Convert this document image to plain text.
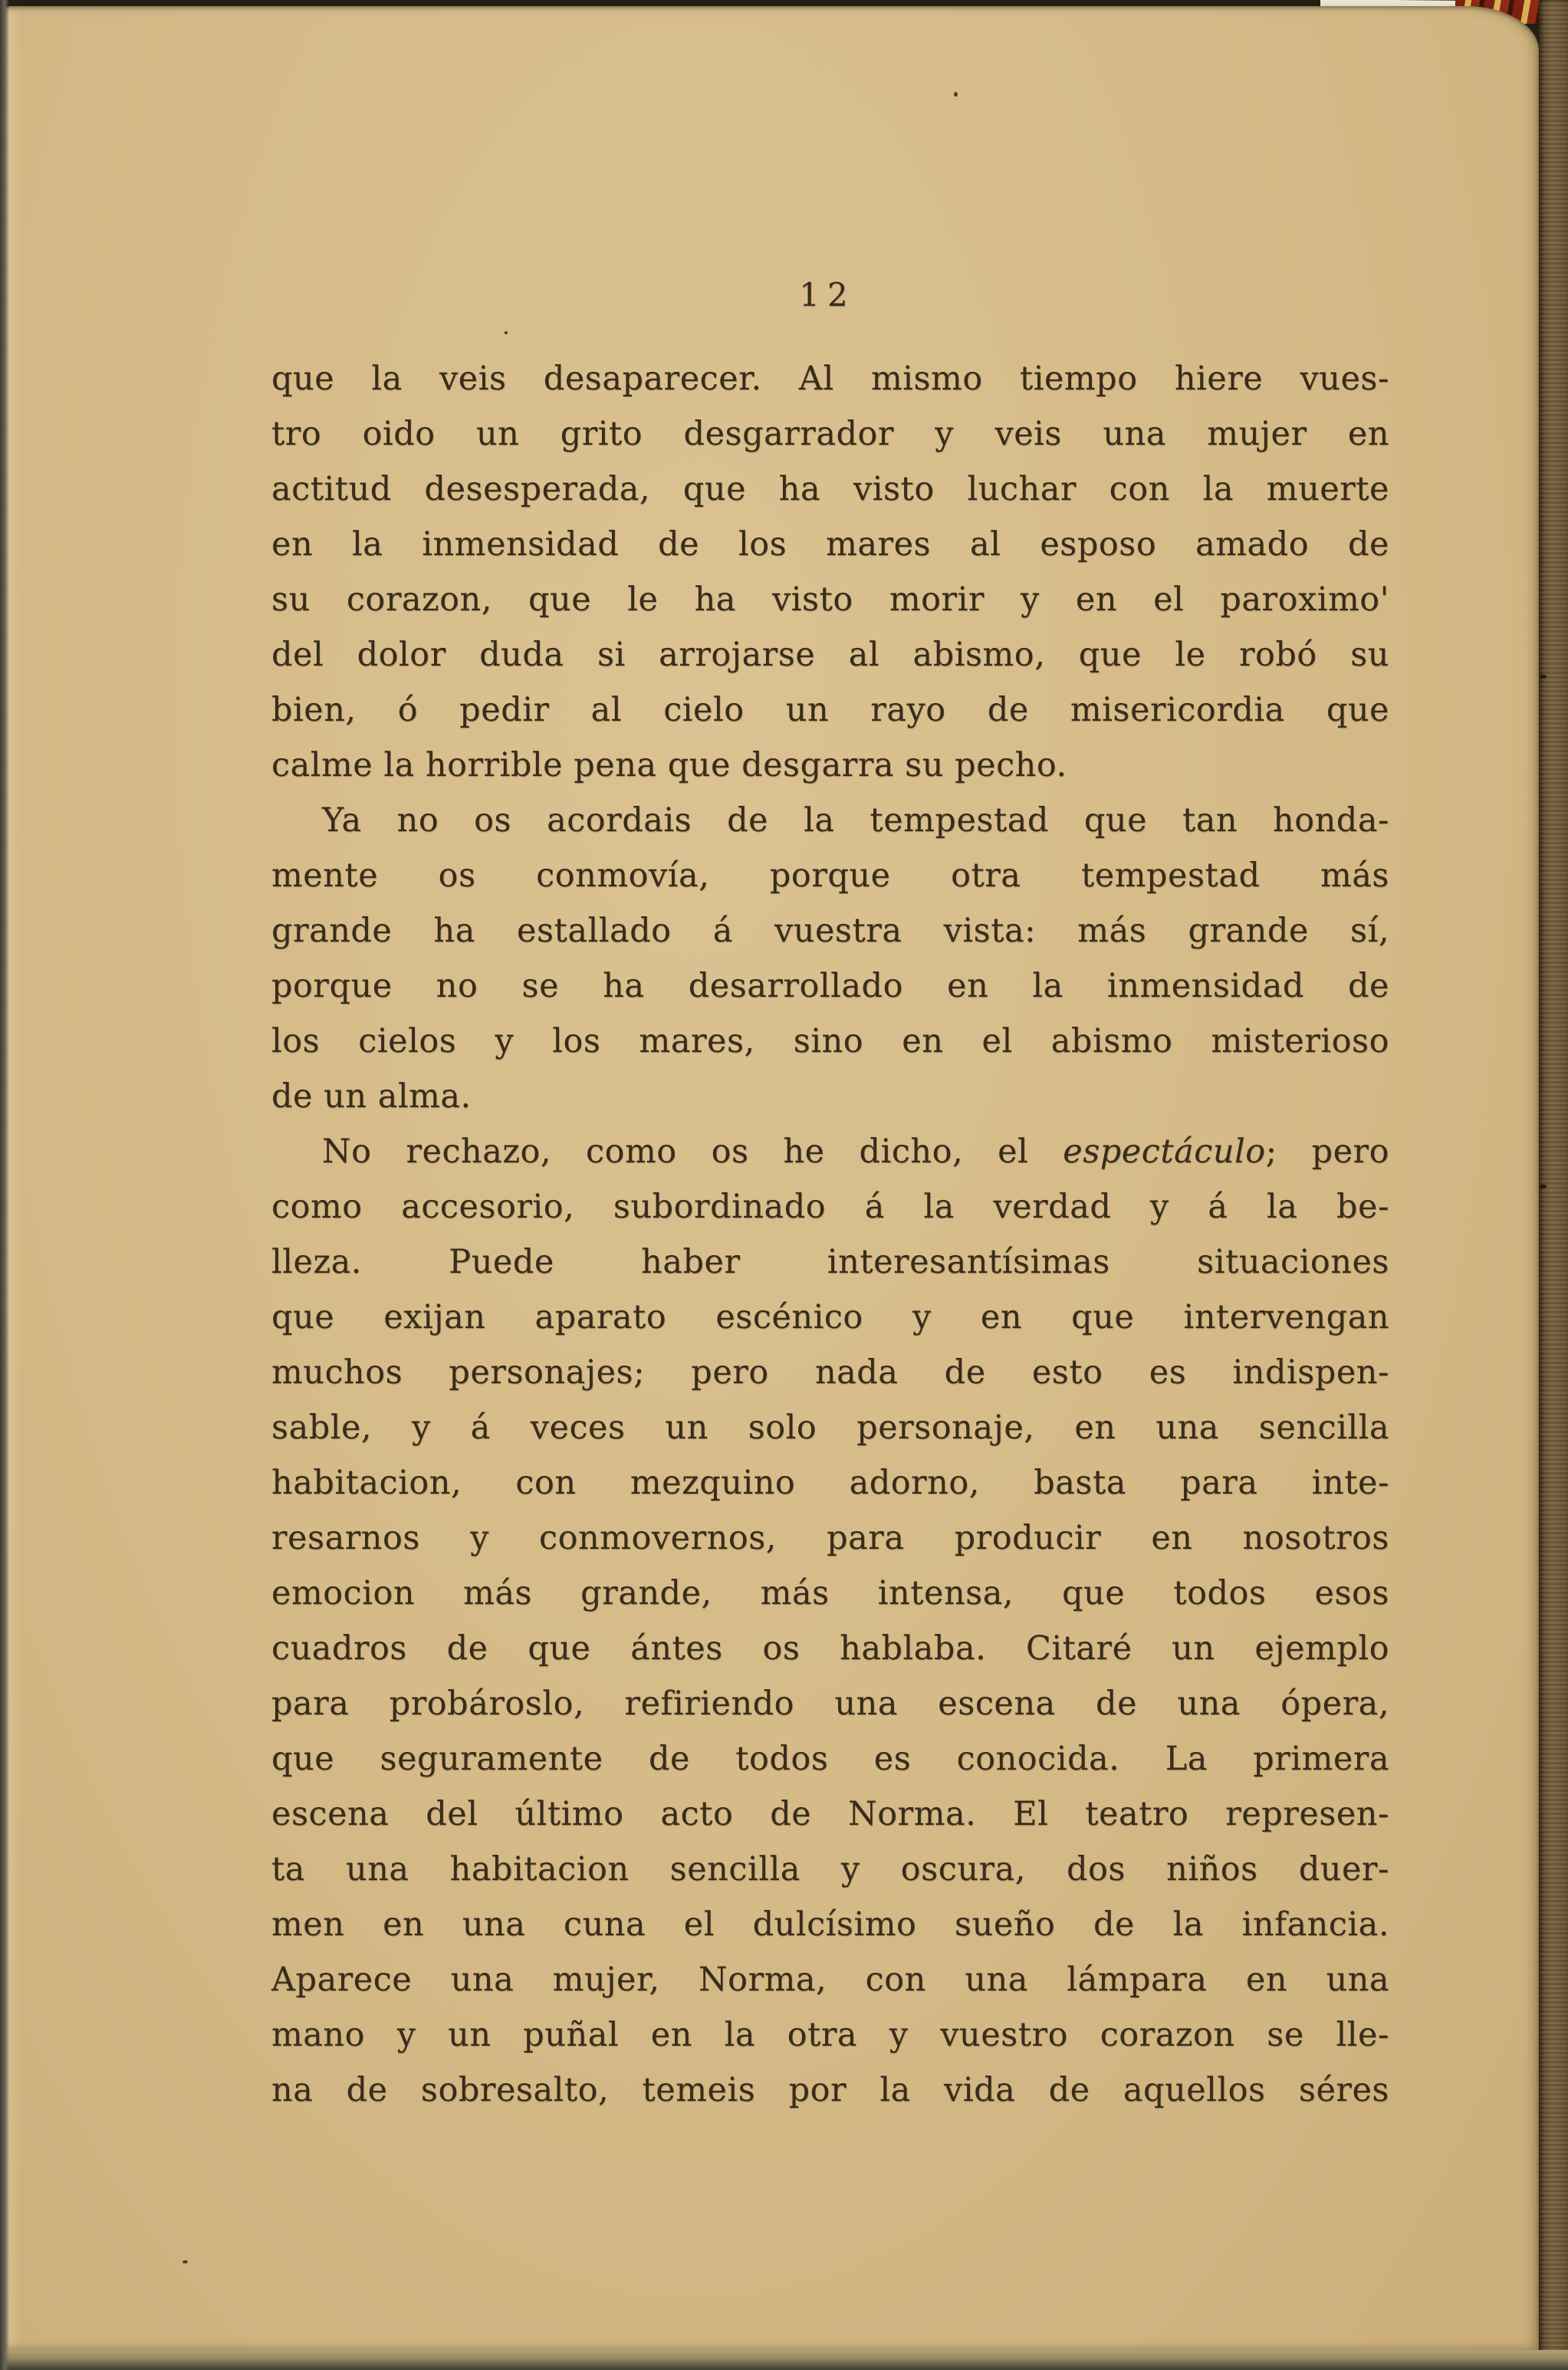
12
que la veis desaparecer. Al mismo tiempo hiere vues-
tro oido un grito desgarrador y veis una mujer en
actitud desesperada, que ha visto luchar con la muerte
en la inmensidad de los mares al esposo amado de
su corazon, que le ha visto morir y en el paroximo'
del dolor duda si arrojarse al abismo, que le robó su
bien, ó pedir al cielo un rayo de misericordia que
calme la horrible pena que desgarra su pecho.
Ya no os acordais de la tempestad que tan honda-
mente os conmovía, porque otra tempestad más
grande ha estallado á vuestra vista: más grande sí,
porque no se ha desarrollado en la inmensidad de
los cielos y los mares, sino en el abismo misterioso
de un alma.
No rechazo, como os he dicho, el espectáculo; pero
como accesorio, subordinado á la verdad y á la be-
lleza. Puede haber interesantísimas situaciones
que exijan aparato escénico y en que intervengan
muchos personajes; pero nada de esto es indispen-
sable, y á veces un solo personaje, en una sencilla
habitacion, con mezquino adorno, basta para inte-
resarnos y conmovernos, para producir en nosotros
emocion más grande, más intensa, que todos esos
cuadros de que ántes os hablaba. Citaré un ejemplo
para probároslo, refiriendo una escena de una ópera,
que seguramente de todos es conocida. La primera
escena del último acto de Norma. El teatro represen-
ta una habitacion sencilla y oscura, dos niños duer-
men en una cuna el dulcísimo sueño de la infancia.
Aparece una mujer, Norma, con una lámpara en una
mano y un puñal en la otra y vuestro corazon se lle-
na de sobresalto, temeis por la vida de aquellos séres
